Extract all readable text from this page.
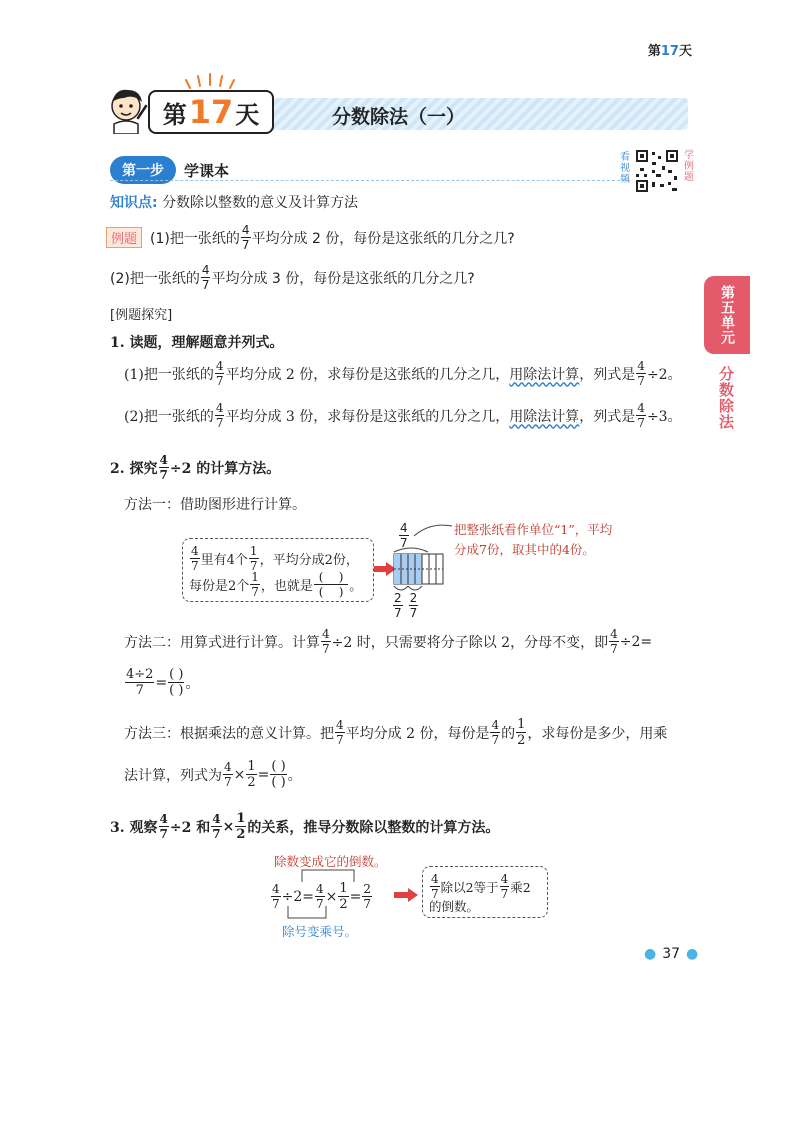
第17天
第 17 天	分数除法（一）
第一步	学课本
看视频
学例题
知识点: 分数除以整数的意义及计算方法
例题 (1)把一张纸的 $\frac{4}{7}$ 平均分成 2 份，每份是这张纸的几分之几?
(2)把一张纸的 $\frac{4}{7}$ 平均分成 3 份，每份是这张纸的几分之几?
[例题探究]
1. 读题，理解题意并列式。
(1)把一张纸的 $\frac{4}{7}$ 平均分成 2 份，求每份是这张纸的几分之几， 用除法计算 ，列式是 $\frac{4}{7} \div 2$。
(2)把一张纸的 $\frac{4}{7}$ 平均分成 3 份，求每份是这张纸的几分之几， 用除法计算 ，列式是 $\frac{4}{7} \div 3$。
2. 探究 $\frac{4}{7} \div 2$ 的计算方法。
方法一：借助图形进行计算。
$\frac{4}{7}$ 里有4个 $\frac{1}{7}$ ，平均分成2份，
每份是2个 $\frac{1}{7}$ ，也就是 $\frac{( )}{( )}$ 。
$\frac{4}{7}$
$\frac{2}{7} \frac{2}{7}$
把整张纸看作单位“1”，平均
分成7份，取其中的4份。
方法二：用算式进行计算。计算 $\frac{4}{7} \div 2$ 时，只需要将分子除以 2，分母不变，即 $\frac{4}{7} \div 2=$
$\frac{4\div 2}{7} = \frac{( )}{( )}$ 。
方法三：根据乘法的意义计算。把 $\frac{4}{7}$ 平均分成 2 份，每份是 $\frac{4}{7}$ 的 $\frac{1}{2}$ ，求每份是多少，用乘
法计算，列式为 $\frac{4}{7} \times \frac{1}{2} = \frac{( )}{( )}$ 。
3. 观察 $\frac{4}{7} \div 2$ 和 $\frac{4}{7} \times \frac{1}{2}$ 的关系，推导分数除以整数的计算方法。
除数变成它的倒数。
$\frac{4}{7} \div 2= \frac{4}{7} \times \frac{1}{2} = \frac{2}{7}$
除号变乘号。
$\frac{4}{7}$ 除以2等于 $\frac{4}{7}$ 乘2
的倒数。
第五单元
分数除法
● 37 ●
